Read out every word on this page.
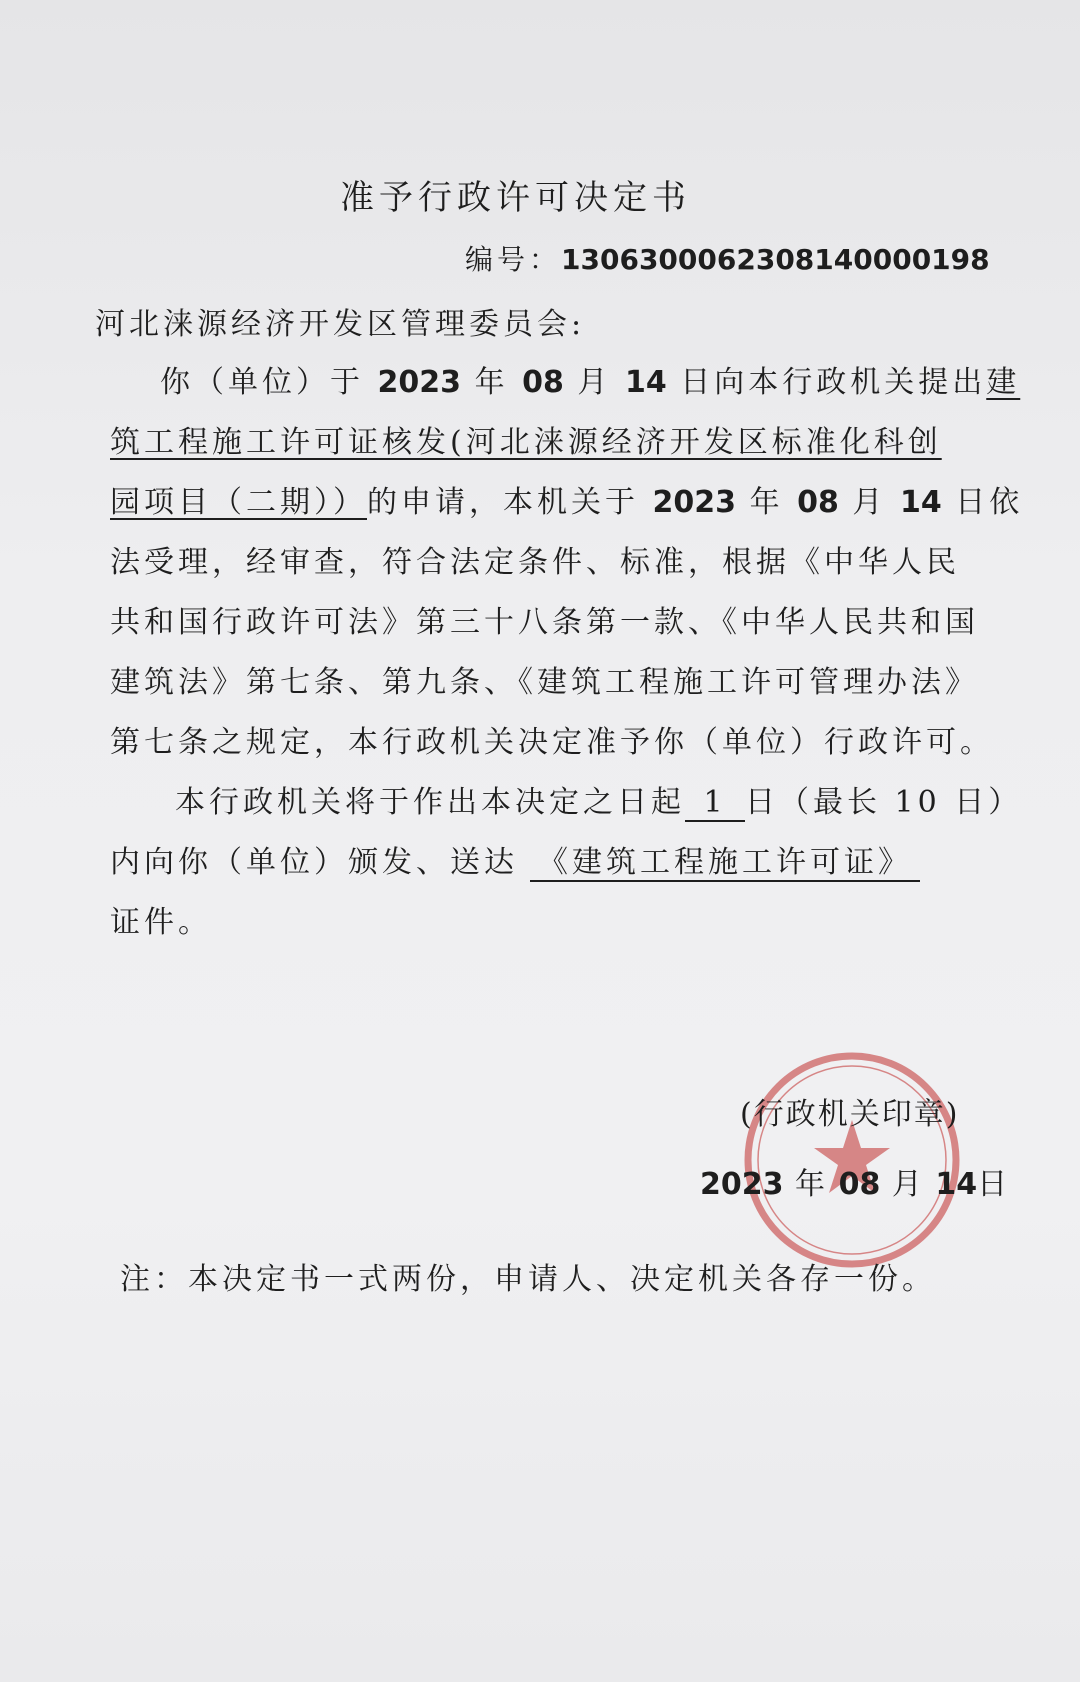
准予行政许可决定书
编号：1306300062308140000198
河北涞源经济开发区管理委员会:
你（单位）于 2023 年 08 月 14 日向本行政机关提出建
筑工程施工许可证核发(河北涞源经济开发区标准化科创
园项目（二期））的申请，本机关于 2023 年 08 月 14 日依
法受理，经审查，符合法定条件、标准，根据《中华人民
共和国行政许可法》第三十八条第一款、《中华人民共和国
建筑法》第七条、第九条、《建筑工程施工许可管理办法》
第七条之规定，本行政机关决定准予你（单位）行政许可。
本行政机关将于作出本决定之日起 1 日（最长 10 日）
内向你（单位）颁发、送达 《建筑工程施工许可证》
证件。
(行政机关印章)
2023 年 08 月 14日
注：本决定书一式两份，申请人、决定机关各存一份。
